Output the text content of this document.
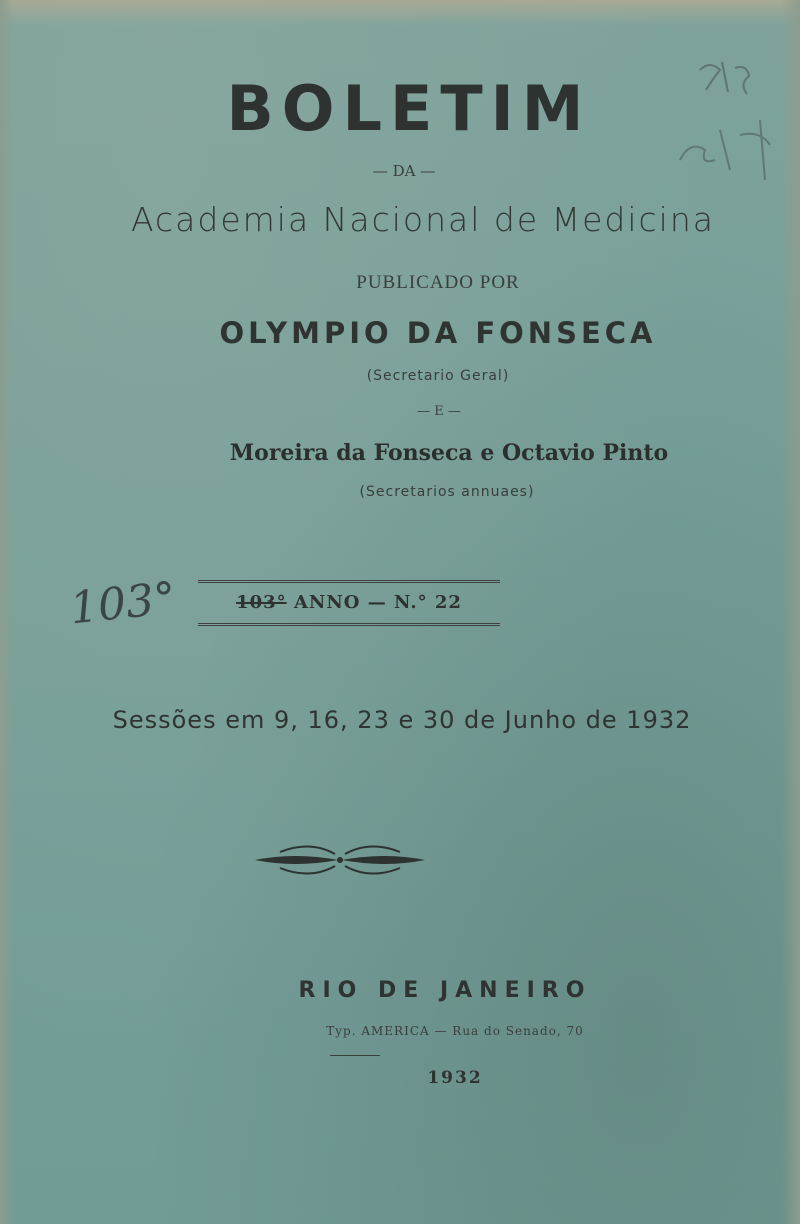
BOLETIM
— DA —
Academia Nacional de Medicina
PUBLICADO POR
OLYMPIO DA FONSECA
(Secretario Geral)
— E —
Moreira da Fonseca e Octavio Pinto
(Secretarios annuaes)
103°	103° ANNO — N.° 22
Sessões em 9, 16, 23 e 30 de Junho de 1932
RIO DE JANEIRO
Typ. AMERICA — Rua do Senado, 70
1932
